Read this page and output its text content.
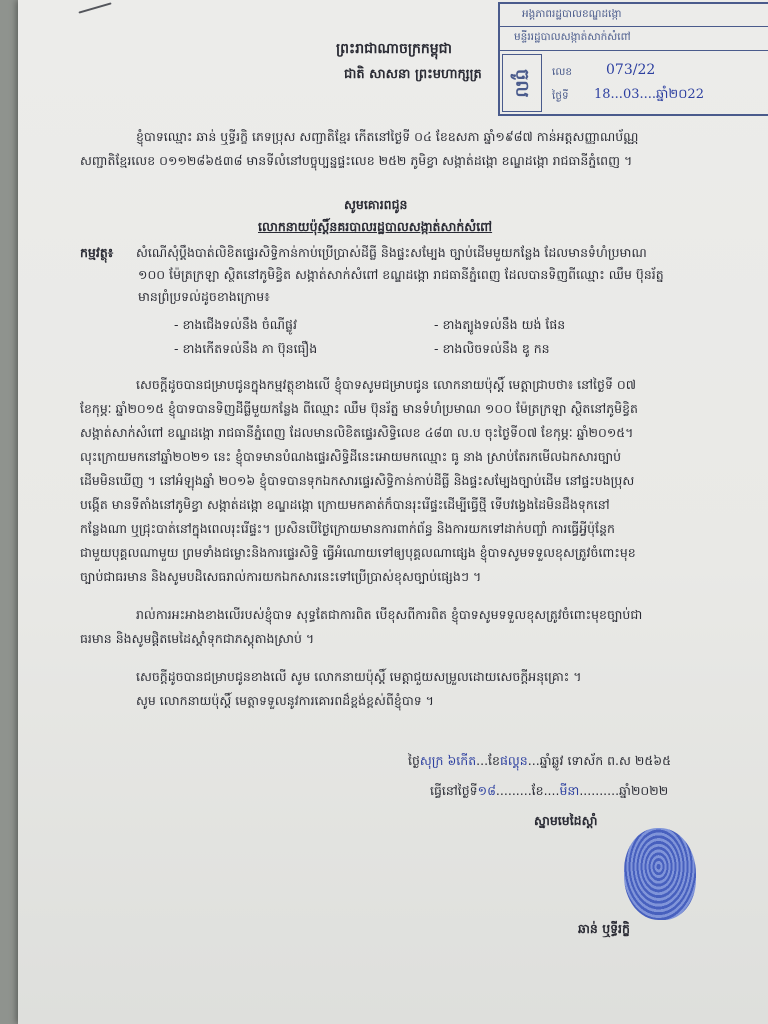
អង្គភាពរដ្ឋបាលខណ្ឌដង្កោ
មន្ទីររដ្ឋបាលសង្កាត់សាក់សំពៅ
ចូល	លេខ 073/22
ថ្ងៃទី 18...03....ឆ្នាំ២០22
ព្រះរាជាណាចក្រកម្ពុជា
ជាតិ សាសនា ព្រះមហាក្សត្រ
ខ្ញុំបាទឈ្មោះ ឆាន់ ឬទ្ធីរក្ខិ ភេទប្រុស សញ្ជាតិខ្មែរ កើតនៅថ្ងៃទី ០៤ ខែឧសភា ឆ្នាំ១៩៨៧ កាន់អត្តសញ្ញាណប័ណ្ណ
សញ្ជាតិខ្មែរលេខ ០១១២៨៦៥៣៨ មានទីលំនៅបច្ចុប្បន្នផ្ទះលេខ ២៥២ ភូមិខ្វា សង្កាត់ដង្កោ ខណ្ឌដង្កោ រាជធានីភ្នំពេញ ។
សូមគោរពជូន
លោកនាយប៉ុស្តិ៍នគរបាលរដ្ឋបាលសង្កាត់សាក់សំពៅ
កម្មវត្ថុ៖ សំណើសុំប្តឹងបាត់លិខិតផ្ទេរសិទ្ធិកាន់កាប់ប្រើប្រាស់ដីធ្លី និងផ្ទះសម្បែង ច្បាប់ដើមមួយកន្លែង ដែលមានទំហំប្រមាណ
១០០ ម៉ែត្រក្រឡា ស្ថិតនៅភូមិខ្វិត សង្កាត់សាក់សំពៅ ខណ្ឌដង្កោ រាជធានីភ្នំពេញ ដែលបានទិញពីឈ្មោះ ឈឹម ប៊ុនរ័ត្ន
មានព្រំប្រទល់ដូចខាងក្រោម៖
- ខាងជើងទល់នឹង ចំណីផ្លូវ	- ខាងត្បូងទល់នឹង យង់ ផែន
- ខាងកើតទល់នឹង ភា ប៊ុនធឿង	- ខាងលិចទល់នឹង ឌូ កន
សេចក្តីដូចបានជម្រាបជូនក្នុងកម្មវត្ថុខាងលើ ខ្ញុំបាទសូមជម្រាបជូន លោកនាយប៉ុស្តិ៍ មេត្តាជ្រាបថា៖ នៅថ្ងៃទី ០៧
ខែកុម្ភៈ ឆ្នាំ២០១៥ ខ្ញុំបាទបានទិញដីធ្លីមួយកន្លែង ពីឈ្មោះ ឈឹម ប៊ុនរ័ត្ន មានទំហំប្រមាណ ១០០ ម៉ែត្រក្រឡា ស្ថិតនៅភូមិខ្វិត
សង្កាត់សាក់សំពៅ ខណ្ឌដង្កោ រាជធានីភ្នំពេញ ដែលមានលិខិតផ្ទេរសិទ្ធិលេខ ៤៨៣ ល.ប ចុះថ្ងៃទី០៧ ខែកុម្ភៈ ឆ្នាំ២០១៥។
លុះក្រោយមកនៅឆ្នាំ២០២១ នេះ ខ្ញុំបាទមានបំណងផ្ទេរសិទ្ធិដីនេះអោយមកឈ្មោះ ធូ នាង ស្រាប់តែរកមើលឯកសារច្បាប់
ដើមមិនឃើញ ។ នៅអំឡុងឆ្នាំ ២០១៦ ខ្ញុំបាទបានទុកឯកសារផ្ទេរសិទ្ធិកាន់កាប់ដីធ្លី និងផ្ទះសម្បែងច្បាប់ដើម នៅផ្ទះបងប្រុស
បង្កើត មានទីតាំងនៅភូមិខ្វា សង្កាត់ដង្កោ ខណ្ឌដង្កោ ក្រោយមកគាត់ក៏បានរុះរើផ្ទះដើម្បីធ្វើថ្មី ទើបវង្វេងដៃមិនដឹងទុកនៅ
កន្លែងណា ឬជ្រុះបាត់នៅក្នុងពេលរុះរើផ្ទះ។ ប្រសិនបើថ្ងៃក្រោយមានការពាក់ព័ន្ធ និងការយកទៅដាក់បញ្ចាំ ការធ្វើអ្វីប៉ុន្តែក
ជាមួយបុគ្គលណាមួយ ព្រមទាំងជម្លោះនិងការផ្ទេរសិទ្ធិ ធ្វើអំណោយទៅឲ្យបុគ្គលណាផ្សេង ខ្ញុំបាទសូមទទួលខុសត្រូវចំពោះមុខ
ច្បាប់ជាធរមាន និងសូមបដិសេធរាល់ការយកឯកសារនេះទៅប្រើប្រាស់ខុសច្បាប់ផ្សេងៗ ។
រាល់ការអះអាងខាងលើរបស់ខ្ញុំបាទ សុទ្ធតែជាការពិត បើខុសពីការពិត ខ្ញុំបាទសូមទទួលខុសត្រូវចំពោះមុខច្បាប់ជា
ធរមាន និងសូមផ្តិតមេដៃស្តាំទុកជាភស្តុតាងស្រាប់ ។
សេចក្តីដូចបានជម្រាបជូនខាងលើ សូម លោកនាយប៉ុស្តិ៍ មេត្តាជួយសម្រួលដោយសេចក្តីអនុគ្រោះ ។
សូម លោកនាយប៉ុស្តិ៍ មេត្តាទទួលនូវការគោរពដ៏ខ្ពង់ខ្ពស់ពីខ្ញុំបាទ ។
ថ្ងៃសុក្រ ៦កើត...ខែផល្គុន...ឆ្នាំឆ្លូវ ទោស័ក ព.ស ២៥៦៥
ធ្វើនៅថ្ងៃទី១៨.........ខែ....មីនា..........ឆ្នាំ២០២២
ស្នាមមេដៃស្តាំ
ឆាន់ ឬទ្ធីរក្ខិ
